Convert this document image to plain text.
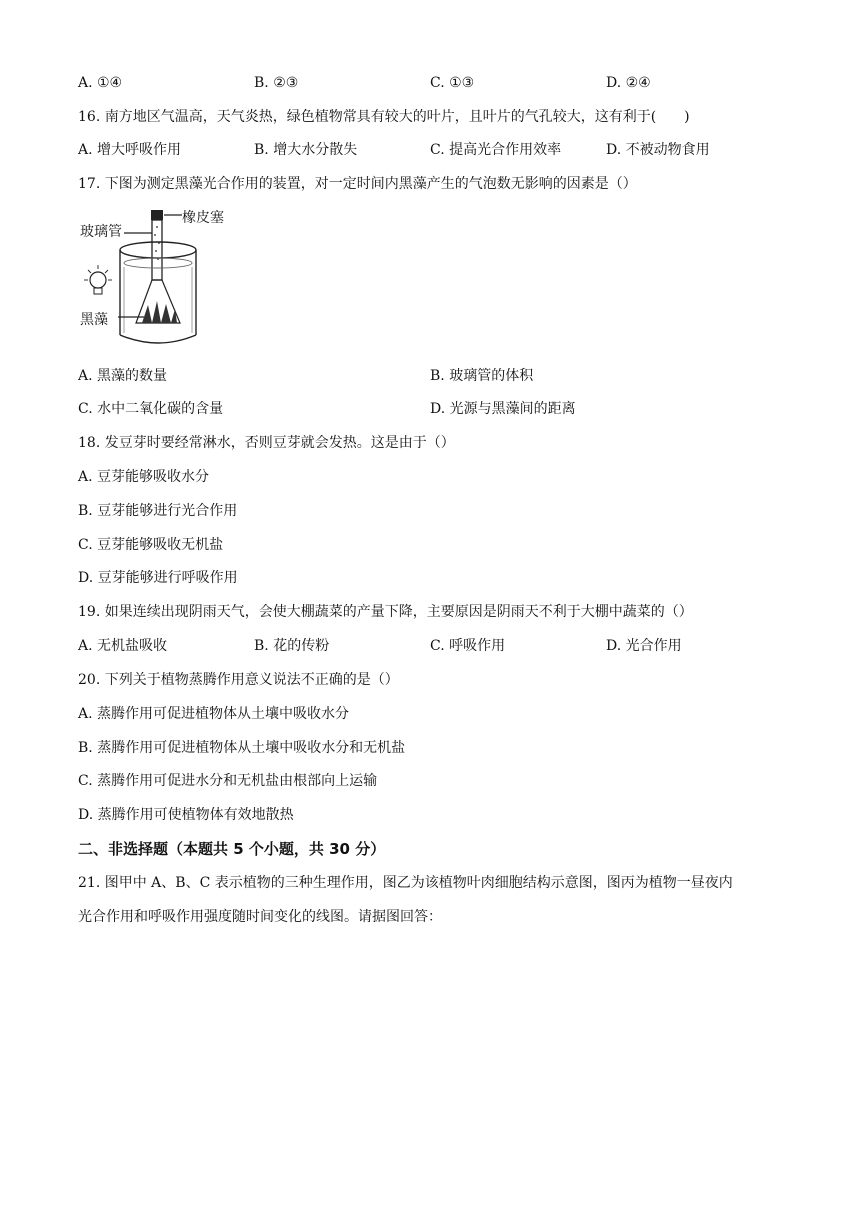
A. ①④	B. ②③	C. ①③	D. ②④
16. 南方地区气温高，天气炎热，绿色植物常具有较大的叶片，且叶片的气孔较大，这有利于(　　)
A. 增大呼吸作用	B. 增大水分散失	C. 提高光合作用效率	D. 不被动物食用
17. 下图为测定黑藻光合作用的装置，对一定时间内黑藻产生的气泡数无影响的因素是（）
玻璃管
橡皮塞
黑藻
A. 黑藻的数量	B. 玻璃管的体积
C. 水中二氧化碳的含量	D. 光源与黑藻间的距离
18. 发豆芽时要经常淋水，否则豆芽就会发热。这是由于（）
A. 豆芽能够吸收水分
B. 豆芽能够进行光合作用
C. 豆芽能够吸收无机盐
D. 豆芽能够进行呼吸作用
19. 如果连续出现阴雨天气，会使大棚蔬菜的产量下降，主要原因是阴雨天不利于大棚中蔬菜的（）
A. 无机盐吸收	B. 花的传粉	C. 呼吸作用	D. 光合作用
20. 下列关于植物蒸腾作用意义说法不正确的是（）
A. 蒸腾作用可促进植物体从土壤中吸收水分
B. 蒸腾作用可促进植物体从土壤中吸收水分和无机盐
C. 蒸腾作用可促进水分和无机盐由根部向上运输
D. 蒸腾作用可使植物体有效地散热
二、非选择题（本题共 5 个小题，共 30 分）
21. 图甲中 A、B、C 表示植物的三种生理作用，图乙为该植物叶肉细胞结构示意图，图丙为植物一昼夜内
光合作用和呼吸作用强度随时间变化的线图。请据图回答：
